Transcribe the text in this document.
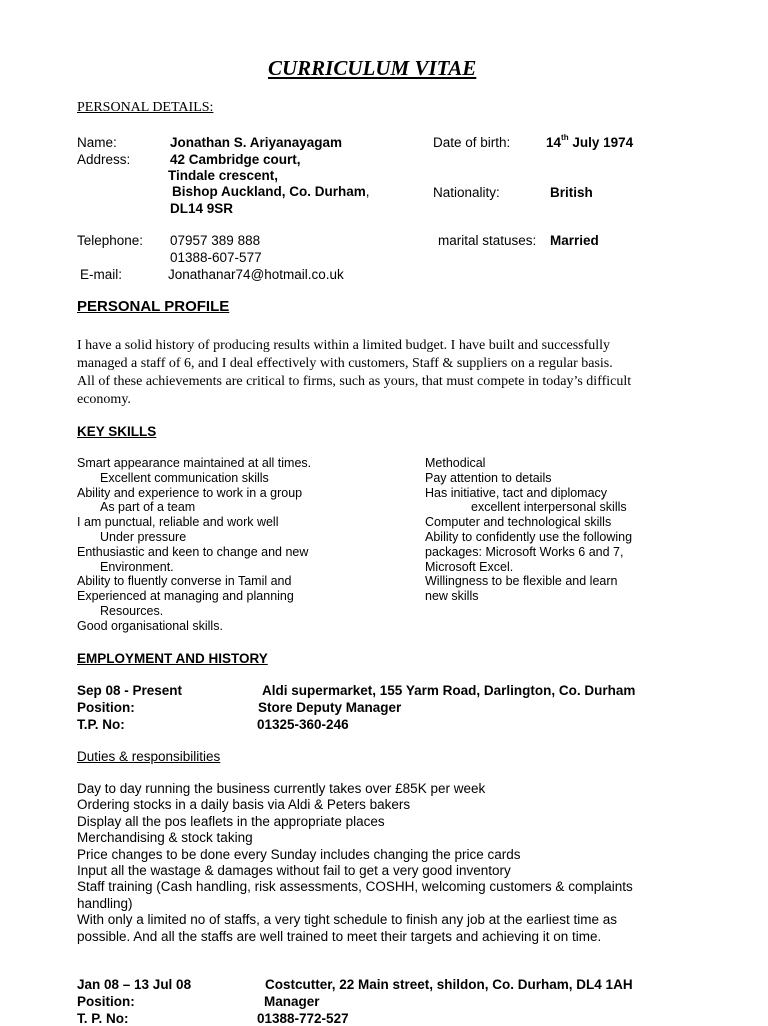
CURRICULUM VITAE
PERSONAL DETAILS:
Name:	Jonathan S. Ariyanayagam
Address:	42 Cambridge court,
Tindale crescent,
Bishop Auckland, Co. Durham,
DL14 9SR
Date of birth:	14th July 1974
Nationality:	British
Telephone: 07957 389 888
01388-607-577
marital statuses: Married
E-mail:	Jonathanar74@hotmail.co.uk
PERSONAL PROFILE
I have a solid history of producing results within a limited budget. I have built and successfully
managed a staff of 6, and I deal effectively with customers, Staff & suppliers on a regular basis.
All of these achievements are critical to firms, such as yours, that must compete in today’s difficult
economy.
KEY SKILLS
Smart appearance maintained at all times.
Excellent communication skills
Ability and experience to work in a group
As part of a team
I am punctual, reliable and work well
Under pressure
Enthusiastic and keen to change and new
Environment.
Ability to fluently converse in Tamil and
Experienced at managing and planning
Resources.
Good organisational skills.
Methodical
Pay attention to details
Has initiative, tact and diplomacy
excellent interpersonal skills
Computer and technological skills
Ability to confidently use the following
packages: Microsoft Works 6 and 7,
Microsoft Excel.
Willingness to be flexible and learn
new skills
EMPLOYMENT AND HISTORY
Sep 08 - Present	Aldi supermarket, 155 Yarm Road, Darlington, Co. Durham
Position:	Store Deputy Manager
T.P. No:	01325-360-246
Duties & responsibilities
Day to day running the business currently takes over £85K per week
Ordering stocks in a daily basis via Aldi & Peters bakers
Display all the pos leaflets in the appropriate places
Merchandising & stock taking
Price changes to be done every Sunday includes changing the price cards
Input all the wastage & damages without fail to get a very good inventory
Staff training (Cash handling, risk assessments, COSHH, welcoming customers & complaints
handling)
With only a limited no of staffs, a very tight schedule to finish any job at the earliest time as
possible. And all the staffs are well trained to meet their targets and achieving it on time.
Jan 08 – 13 Jul 08	Costcutter, 22 Main street, shildon, Co. Durham, DL4 1AH
Position:	Manager
T. P. No:	01388-772-527
